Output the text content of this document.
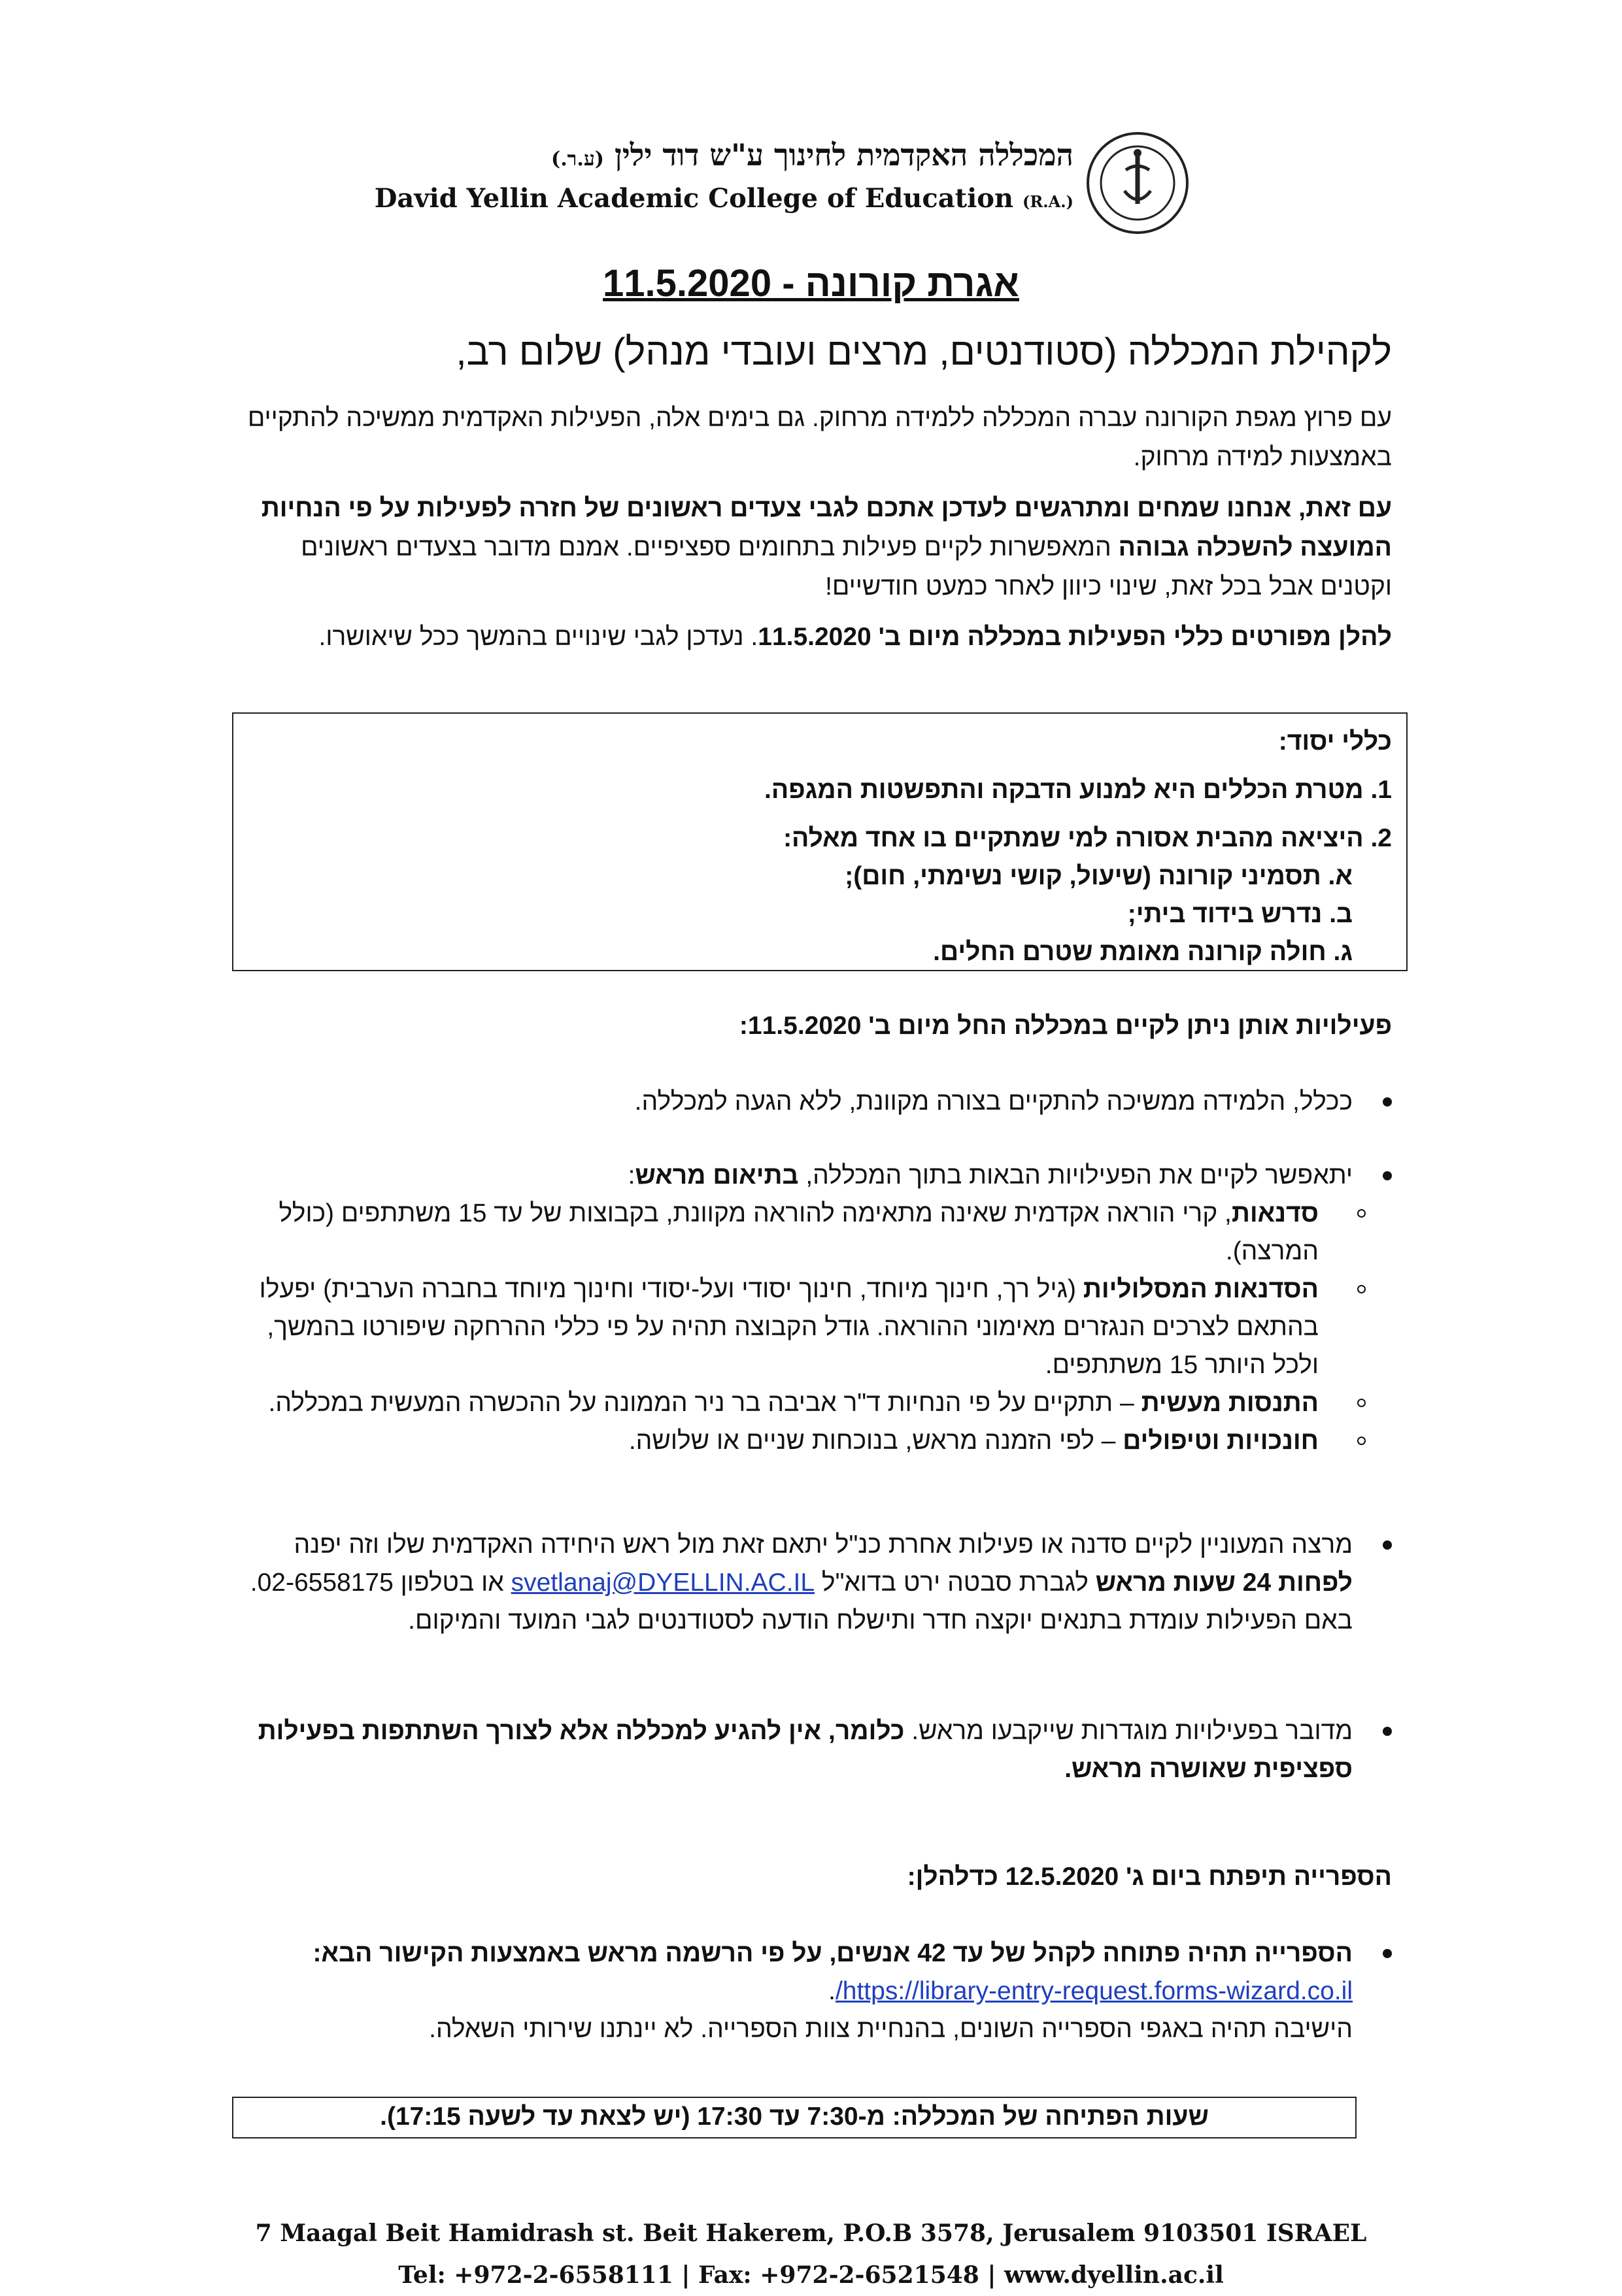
המכללה האקדמית לחינוך ע"ש דוד ילין (ע.ר.)
David Yellin Academic College of Education (R.A.)
אגרת קורונה - 11.5.2020
לקהילת המכללה (סטודנטים, מרצים ועובדי מנהל) שלום רב,
עם פרוץ מגפת הקורונה עברה המכללה ללמידה מרחוק. גם בימים אלה, הפעילות האקדמית ממשיכה להתקיים באמצעות למידה מרחוק.
עם זאת, אנחנו שמחים ומתרגשים לעדכן אתכם לגבי צעדים ראשונים של חזרה לפעילות על פי הנחיות המועצה להשכלה גבוהה המאפשרות לקיים פעילות בתחומים ספציפיים. אמנם מדובר בצעדים ראשונים וקטנים אבל בכל זאת, שינוי כיוון לאחר כמעט חודשיים!
להלן מפורטים כללי הפעילות במכללה מיום ב' 11.5.2020. נעדכן לגבי שינויים בהמשך ככל שיאושרו.
כללי יסוד:
1. מטרת הכללים היא למנוע הדבקה והתפשטות המגפה.
2. היציאה מהבית אסורה למי שמתקיים בו אחד מאלה:
א. תסמיני קורונה (שיעול, קושי נשימתי, חום);
ב. נדרש בידוד ביתי;
ג. חולה קורונה מאומת שטרם החלים.
פעילויות אותן ניתן לקיים במכללה החל מיום ב' 11.5.2020:
ככלל, הלמידה ממשיכה להתקיים בצורה מקוונת, ללא הגעה למכללה.
יתאפשר לקיים את הפעילויות הבאות בתוך המכללה, בתיאום מראש:
סדנאות, קרי הוראה אקדמית שאינה מתאימה להוראה מקוונת, בקבוצות של עד 15 משתתפים (כולל המרצה).
הסדנאות המסלוליות (גיל רך, חינוך מיוחד, חינוך יסודי ועל-יסודי וחינוך מיוחד בחברה הערבית) יפעלו בהתאם לצרכים הנגזרים מאימוני ההוראה. גודל הקבוצה תהיה על פי כללי ההרחקה שיפורטו בהמשך, ולכל היותר 15 משתתפים.
התנסות מעשית – תתקיים על פי הנחיות ד"ר אביבה בר ניר הממונה על ההכשרה המעשית במכללה.
חונכויות וטיפולים – לפי הזמנה מראש, בנוכחות שניים או שלושה.
מרצה המעוניין לקיים סדנה או פעילות אחרת כנ"ל יתאם זאת מול ראש היחידה האקדמית שלו וזה יפנה לפחות 24 שעות מראש לגברת סבטה ירט בדוא"ל svetlanaj@DYELLIN.AC.IL או בטלפון 02-6558175. באם הפעילות עומדת בתנאים יוקצה חדר ותישלח הודעה לסטודנטים לגבי המועד והמיקום.
מדובר בפעילויות מוגדרות שייקבעו מראש. כלומר, אין להגיע למכללה אלא לצורך השתתפות בפעילות ספציפית שאושרה מראש.
הספרייה תיפתח ביום ג' 12.5.2020 כדלהלן:
הספרייה תהיה פתוחה לקהל של עד 42 אנשים, על פי הרשמה מראש באמצעות הקישור הבא:
https://library-entry-request.forms-wizard.co.il/.
הישיבה תהיה באגפי הספרייה השונים, בהנחיית צוות הספרייה. לא יינתנו שירותי השאלה.
שעות הפתיחה של המכללה: מ-7:30 עד 17:30 (יש לצאת עד לשעה 17:15).
7 Maagal Beit Hamidrash st. Beit Hakerem, P.O.B 3578, Jerusalem 9103501 ISRAEL
Tel: +972-2-6558111 | Fax: +972-2-6521548 | www.dyellin.ac.il
